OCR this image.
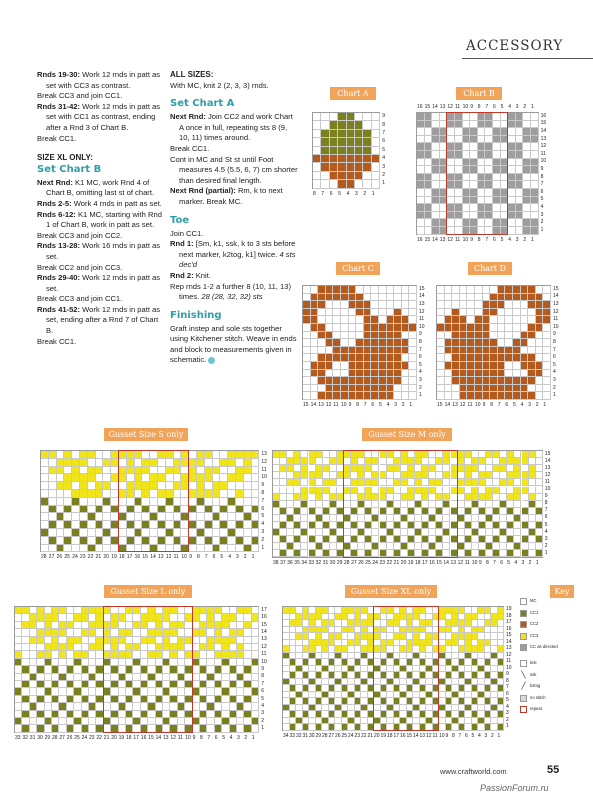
ACCESSORY

Rnds 19-30: Work 12 rnds in patt as set with CC3 as contrast.

Break CC3 and join CC1.

Rnds 31-42: Work 12 rnds in patt as set with CC1 as contrast, ending after a Rnd 3 of Chart B.

Break CC1.

SIZE XL ONLY:
Set Chart B

Next Rnd: K1 MC, work Rnd 4 of Chart B, omitting last st of chart.

Rnds 2-5: Work 4 rnds in patt as set.

Rnds 6-12: K1 MC, starting with Rnd 1 of Chart B, work in patt as set.

Break CC3 and join CC2.

Rnds 13-28: Work 16 rnds in patt as set.

Break CC2 and join CC3.

Rnds 29-40: Work 12 rnds in patt as set.

Break CC3 and join CC1.

Rnds 41-52: Work 12 rnds in patt as set, ending after a Rnd 7 of Chart B.

Break CC1.

ALL SIZES:

With MC, knit 2 (2, 3, 3) rnds.

Set Chart A

Next Rnd: Join CC2 and work Chart A once in full, repeating sts 8 (9, 10, 11) times around.

Break CC1.

Cont in MC and St st until Foot measures 4.5 (5.5, 6, 7) cm shorter than desired final length.

Next Rnd (partial): Rm, k to next marker. Break MC.

Toe

Join CC1.

Rnd 1: [Sm, k1, ssk, k to 3 sts before next marker, k2tog, k1] twice. 4 sts dec'd

Rnd 2: Knit.

Rep rnds 1-2 a further 8 (10, 11, 13) times. 28 (28, 32, 32) sts

Finishing

Graft instep and sole sts together using Kitchener stitch. Weave in ends and block to measurements given in schematic.

Chart A	Chart B
Chart C	Chart D
Gusset Size S only	Gusset Size M only
Gusset Size L only	Gusset Size XL only	Key
9
8
7
6
5
4
3
2
1
8	7	6	5	4	3	2	1
16
15
14
13
12
11
10
9
8
7
6
5
4
3
2
1
16 15 14 13 12 11 10 9 8 7 6 5 4 3 2 1
16 15 14 13 12 11 10 9 8 7 6 5 4 3 2 1
15
14
13
12
11
10
9
8
7
6
5
4
3
2
1
15 14 13 12 11 10 9 8 7 6 5 4 3 2 1
15
14
13
12
11
10
9
8
7
6
5
4
3
2
1
15 14 13 12 11 10 9 8 7 6 5 4 3 2 1
13
12
11
10
9
8
7
6
5
4
3
2
1
28 27 26 25 24 23 22 21 20 19 18 17 16 15 14 13 12 11 10 9	8	7	6	5	4	3	2	1
15
14
13
12
11
10
9
8
7
6
5
4
3
2
1
38 37 36 35 34 33 32 31 30 29 28 27 26 25 24 23 22 21 20 19 18 17 16 15 14 13 12 11 10 9 8 7 6 5 4 3 2 1
17
16
15
14
13
12
11
10
9
8
7
6
5
4
3
2
1
33 32 31 30 29 28 27 26 25 24 23 22 21 20 19 18 17 16 15 14 13 12 11 10 9 8 7 6 5 4 3 2 1
19
18
17
16
15
14
13
12
11
10
9
8
7
6
5
4
3
2
1
34 33 32 31 30 29 28 27 26 25 24 23 22 21 20 19 18 17 16 15 14 13 12 11 10 9 8 7 6 5 4 3 2 1
MC
CC1
CC2
CC3
CC as directed
knit
╲	ssk
╱	k2tog
no stitch
repeat
www.craftworld.com	55
PassionForum.ru
